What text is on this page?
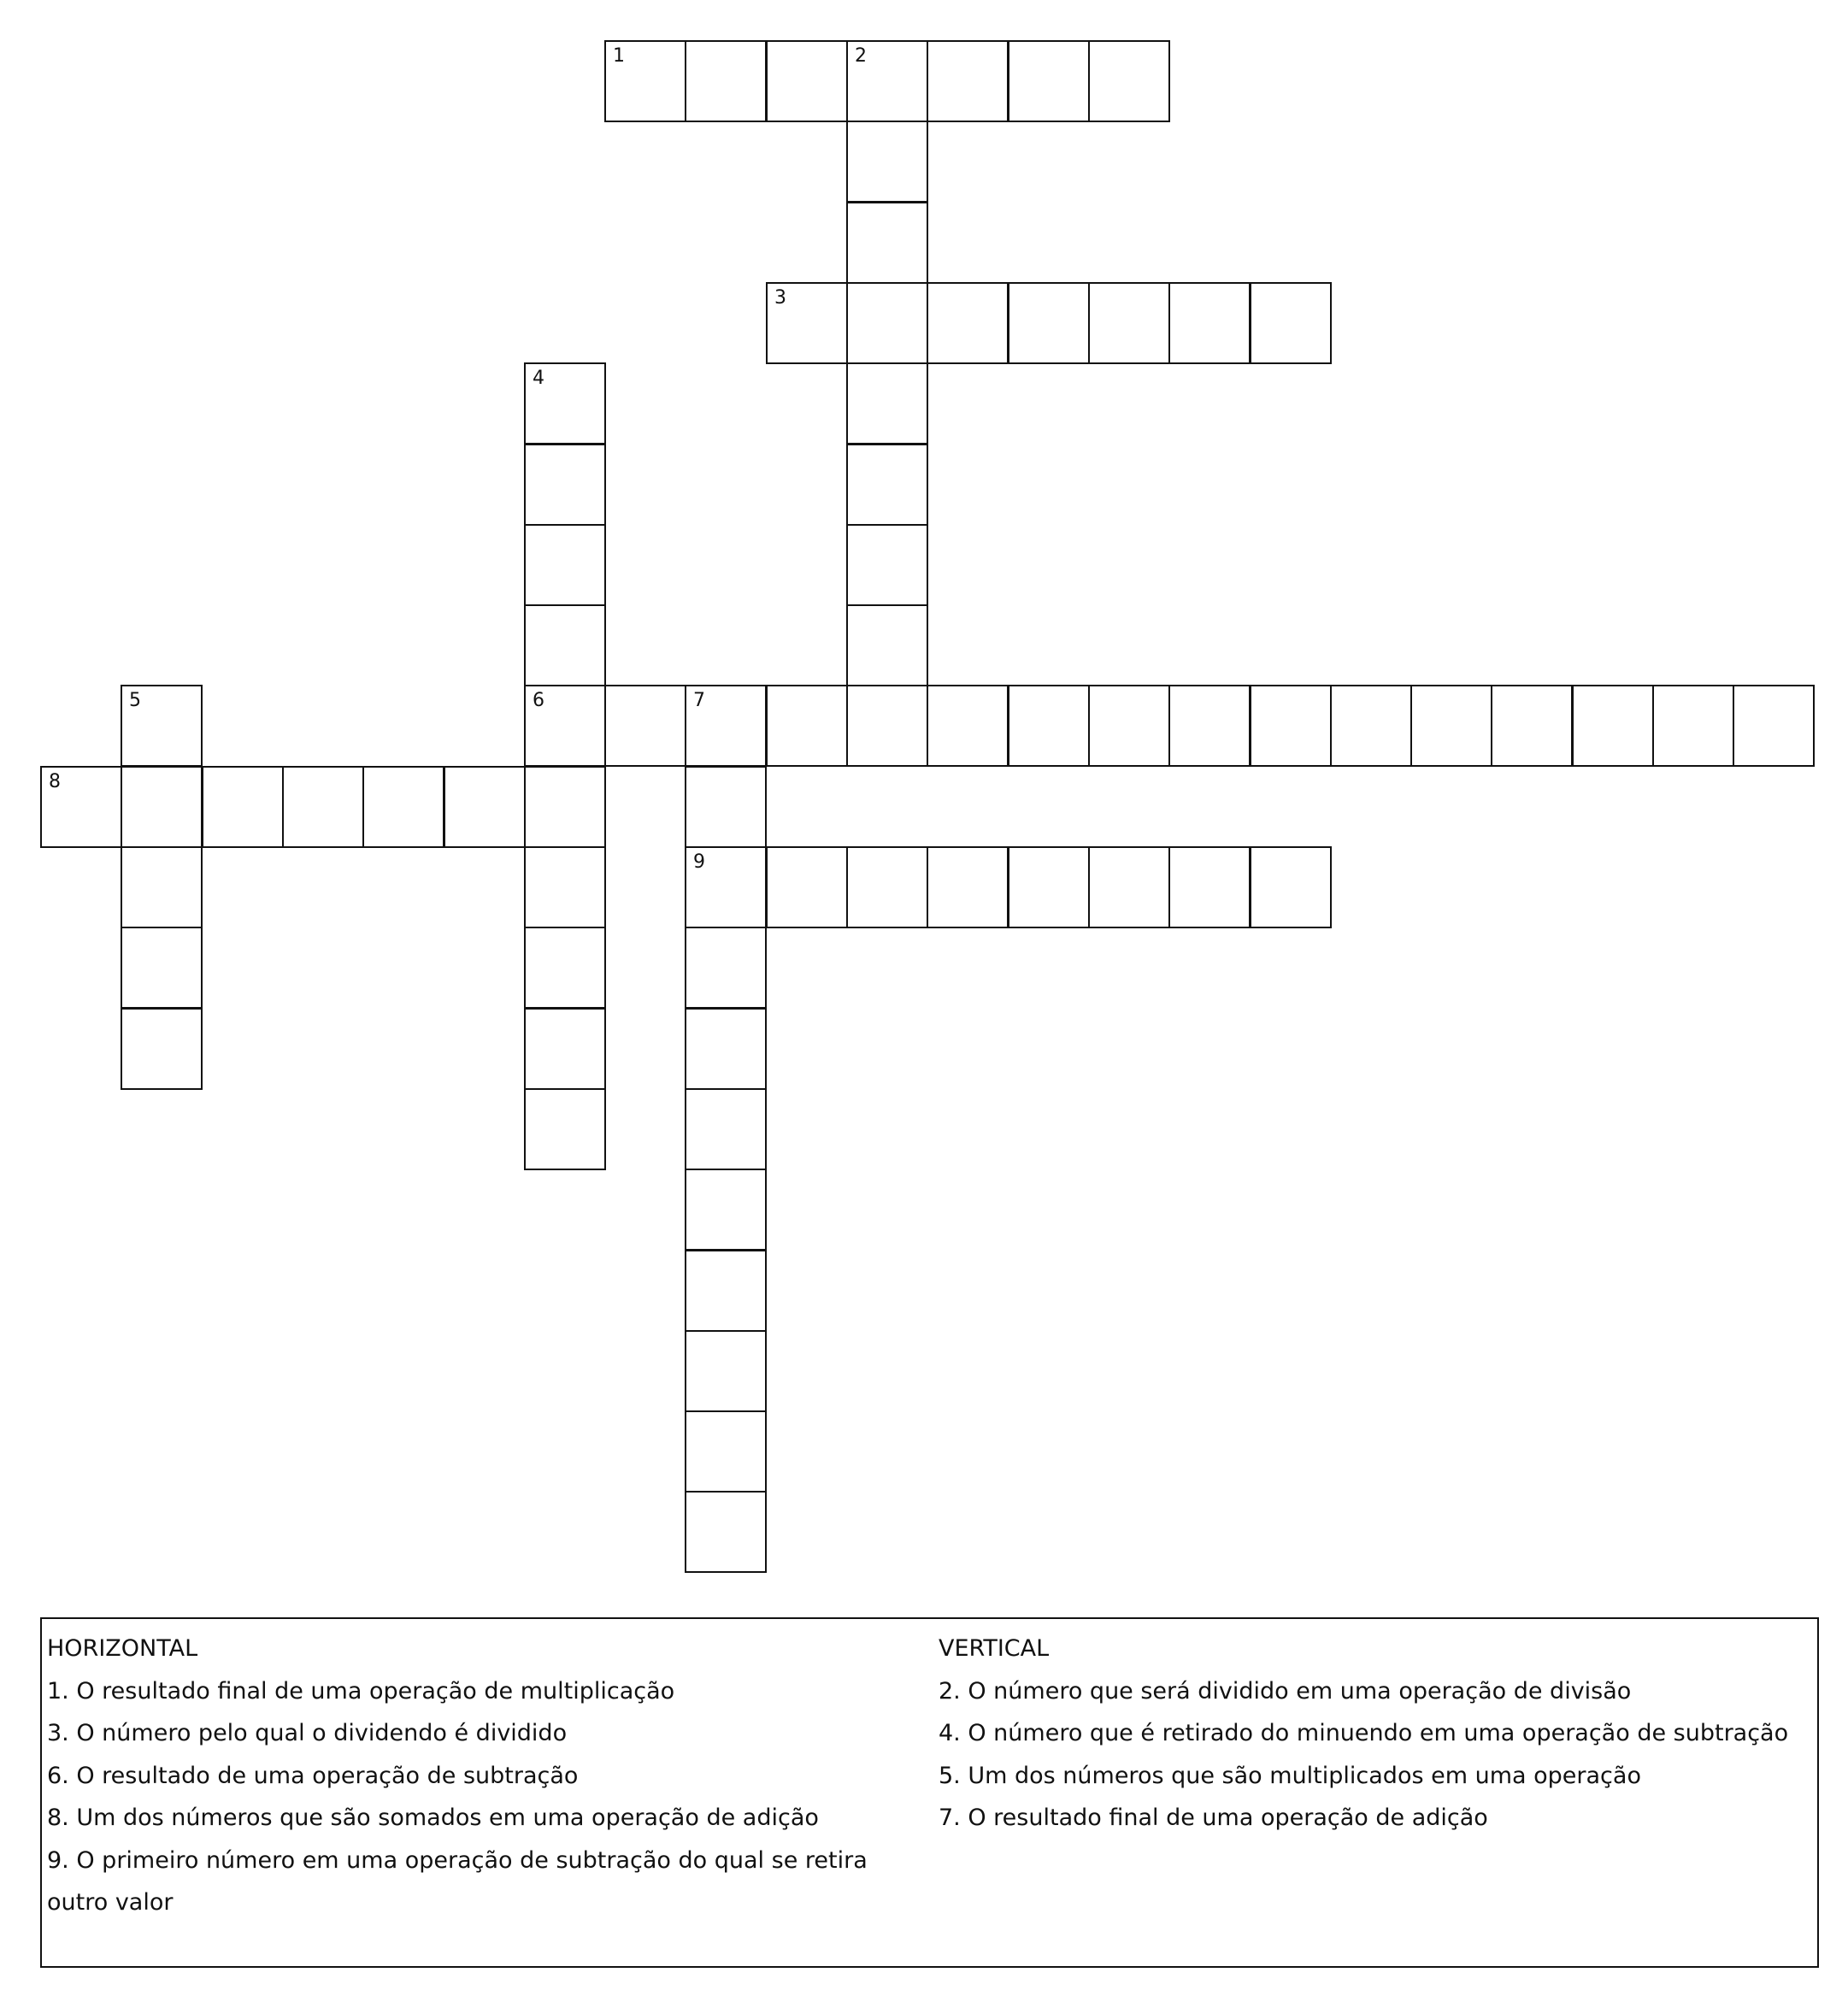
1	2
3
4
5	6	7
8
9

HORIZONTAL

1. O resultado final de uma operação de multiplicação

3. O número pelo qual o dividendo é dividido

6. O resultado de uma operação de subtração

8. Um dos números que são somados em uma operação de adição

9. O primeiro número em uma operação de subtração do qual se retira

outro valor

VERTICAL

2. O número que será dividido em uma operação de divisão

4. O número que é retirado do minuendo em uma operação de subtração

5. Um dos números que são multiplicados em uma operação

7. O resultado final de uma operação de adição
